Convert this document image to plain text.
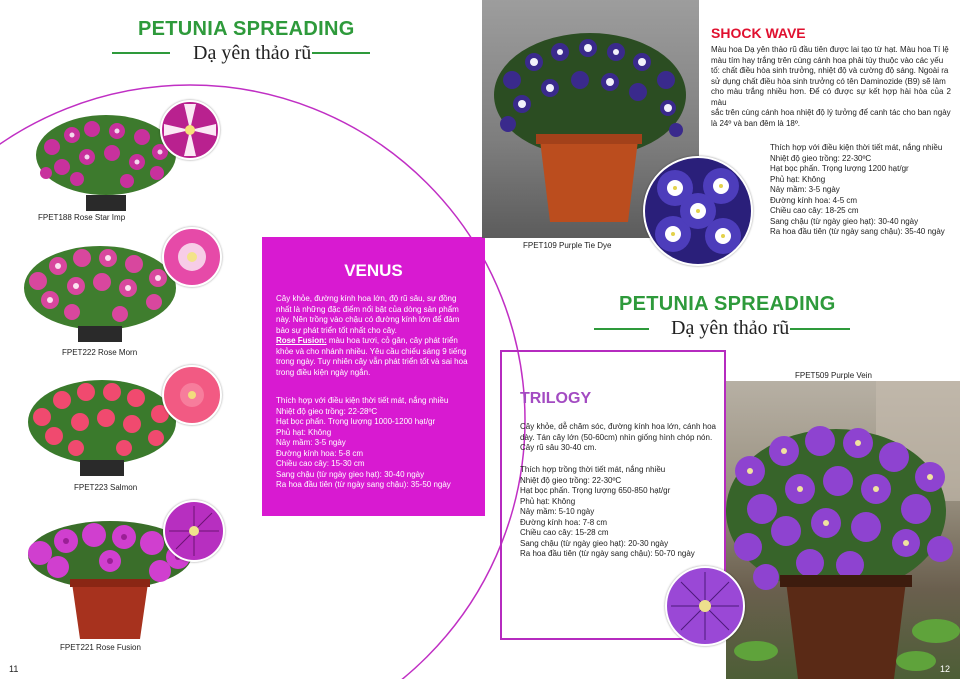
PETUNIA SPREADING
Dạ yên thảo rũ
FPET188 Rose Star Imp
FPET222 Rose Morn
FPET223 Salmon
FPET221 Rose Fusion
VENUS
Cây khỏe, đường kính hoa lớn, độ rũ sâu, sự đồng
nhất là những đặc điểm nổi bật của dòng sản phẩm
này. Nên trồng vào chậu có đường kính lớn để đảm
bảo sự phát triển tốt nhất cho cây.
Rose Fusion: màu hoa tươi, cỏ gân, cây phát triển
khỏe và cho nhánh nhiều. Yêu cầu chiếu sáng 9 tiếng
trong ngày. Tuy nhiên cây vẫn phát triển tốt và sai hoa
trong điều kiện ngày ngắn.
Thích hợp với điều kiện thời tiết mát, nắng nhiều
Nhiệt độ gieo trồng: 22-28ºC
Hạt bọc phấn. Trọng lượng 1000-1200 hạt/gr
Phủ hạt: Không
Nảy mầm: 3-5 ngày
Đường kính hoa: 5-8 cm
Chiều cao cây: 15-30 cm
Sang chậu (từ ngày gieo hạt): 30-40 ngày
Ra hoa đầu tiên (từ ngày sang chậu): 35-50 ngày
FPET109 Purple Tie Dye
SHOCK WAVE
Màu hoa Dạ yên thảo rũ đầu tiên được lai tạo từ hạt. Màu hoa Tí lệ
màu tím hay trắng trên cùng cánh hoa phải tùy thuộc vào các yếu
tố: chất điều hòa sinh trưởng, nhiệt độ và cường độ sáng. Ngoài ra
sử dụng chất điều hòa sinh trưởng có tên Daminozide (B9) sẽ làm
cho màu trắng nhiều hơn. Để có được sự kết hợp hài hòa của 2 màu
sắc trên cùng cánh hoa nhiệt độ lý tưởng để canh tác cho ban ngày
là 24º và ban đêm là 18º.
Thích hợp với điều kiện thời tiết mát, nắng nhiều
Nhiệt độ gieo trồng: 22-30ºC
Hạt bọc phấn. Trọng lượng 1200 hạt/gr
Phủ hạt: Không
Nảy mầm: 3-5 ngày
Đường kính hoa: 4-5 cm
Chiều cao cây: 18-25 cm
Sang chậu (từ ngày gieo hạt): 30-40 ngày
Ra hoa đầu tiên (từ ngày sang chậu): 35-40 ngày
PETUNIA SPREADING
Dạ yên thảo rũ
TRILOGY
Cây khỏe, dễ chăm sóc, đường kính hoa lớn, cánh hoa
dày. Tán cây lớn (50-60cm) nhìn giống hình chóp nón.
Cây rũ sâu 30-40 cm.
Thích hợp trồng thời tiết mát, nắng nhiều
Nhiệt độ gieo trồng: 22-30ºC
Hạt bọc phấn. Trọng lượng 650-850 hạt/gr
Phủ hạt: Không
Nảy mầm: 5-10 ngày
Đường kính hoa: 7-8 cm
Chiều cao cây: 15-28 cm
Sang chậu (từ ngày gieo hạt): 20-30 ngày
Ra hoa đầu tiên (từ ngày sang chậu): 50-70 ngày
FPET509 Purple Vein
11	12
